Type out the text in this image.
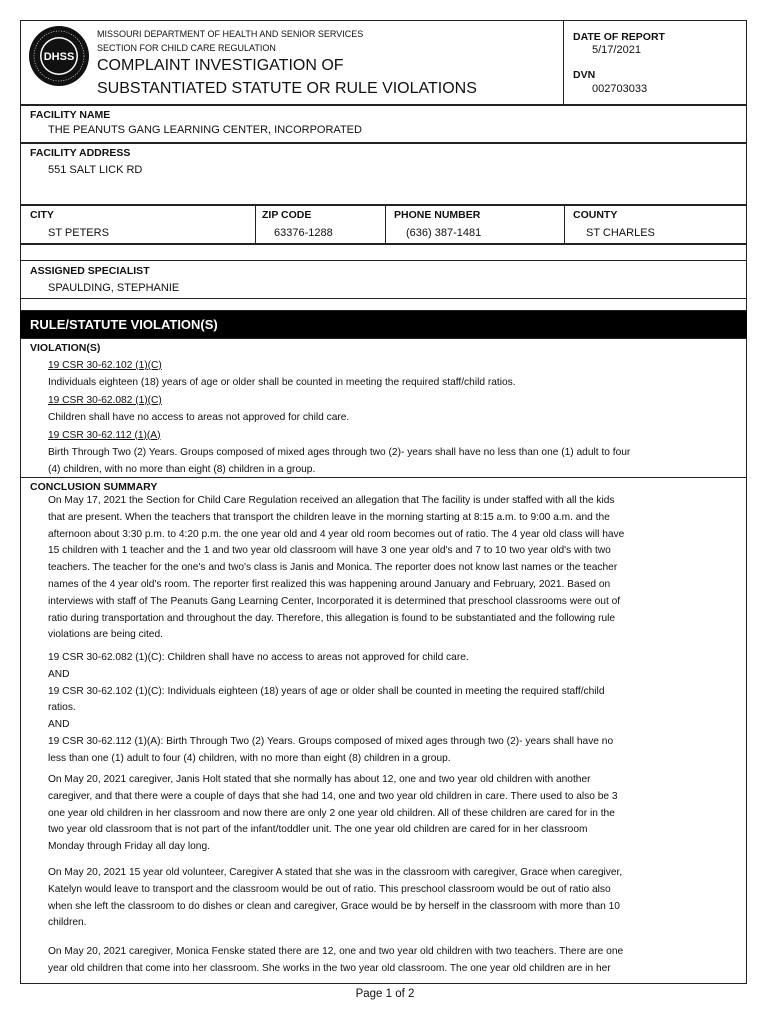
DHSS
MISSOURI DEPARTMENT OF HEALTH AND SENIOR SERVICES
SECTION FOR CHILD CARE REGULATION
COMPLAINT INVESTIGATION OF
SUBSTANTIATED STATUTE OR RULE VIOLATIONS
DATE OF REPORT
5/17/2021
DVN
002703033
FACILITY NAME
THE PEANUTS GANG LEARNING CENTER, INCORPORATED
FACILITY ADDRESS
551 SALT LICK RD
CITY
ST PETERS
ZIP CODE
63376-1288
PHONE NUMBER
(636) 387-1481
COUNTY
ST CHARLES
ASSIGNED SPECIALIST
SPAULDING, STEPHANIE
RULE/STATUTE VIOLATION(S)
VIOLATION(S)

19 CSR 30-62.102 (1)(C)

Individuals eighteen (18) years of age or older shall be counted in meeting the required staff/child ratios.

19 CSR 30-62.082 (1)(C)

Children shall have no access to areas not approved for child care.

19 CSR 30-62.112 (1)(A)

Birth Through Two (2) Years. Groups composed of mixed ages through two (2)- years shall have no less than one (1) adult to four

(4) children, with no more than eight (8) children in a group.

CONCLUSION SUMMARY

On May 17, 2021 the Section for Child Care Regulation received an allegation that The facility is under staffed with all the kids

that are present. When the teachers that transport the children leave in the morning starting at 8:15 a.m. to 9:00 a.m. and the

afternoon about 3:30 p.m. to 4:20 p.m. the one year old and 4 year old room becomes out of ratio. The 4 year old class will have

15 children with 1 teacher and the 1 and two year old classroom will have 3 one year old's and 7 to 10 two year old's with two

teachers. The teacher for the one's and two's class is Janis and Monica. The reporter does not know last names or the teacher

names of the 4 year old's room. The reporter first realized this was happening around January and February, 2021. Based on

interviews with staff of The Peanuts Gang Learning Center, Incorporated it is determined that preschool classrooms were out of

ratio during transportation and throughout the day. Therefore, this allegation is found to be substantiated and the following rule

violations are being cited.

19 CSR 30-62.082 (1)(C): Children shall have no access to areas not approved for child care.

AND

19 CSR 30-62.102 (1)(C): Individuals eighteen (18) years of age or older shall be counted in meeting the required staff/child

ratios.

AND

19 CSR 30-62.112 (1)(A): Birth Through Two (2) Years. Groups composed of mixed ages through two (2)- years shall have no

less than one (1) adult to four (4) children, with no more than eight (8) children in a group.

On May 20, 2021 caregiver, Janis Holt stated that she normally has about 12, one and two year old children with another

caregiver, and that there were a couple of days that she had 14, one and two year old children in care. There used to also be 3

one year old children in her classroom and now there are only 2 one year old children. All of these children are cared for in the

two year old classroom that is not part of the infant/toddler unit. The one year old children are cared for in her classroom

Monday through Friday all day long.

On May 20, 2021 15 year old volunteer, Caregiver A stated that she was in the classroom with caregiver, Grace when caregiver,

Katelyn would leave to transport and the classroom would be out of ratio. This preschool classroom would be out of ratio also

when she left the classroom to do dishes or clean and caregiver, Grace would be by herself in the classroom with more than 10

children.

On May 20, 2021 caregiver, Monica Fenske stated there are 12, one and two year old children with two teachers. There are one

year old children that come into her classroom. She works in the two year old classroom. The one year old children are in her

Page 1 of 2
